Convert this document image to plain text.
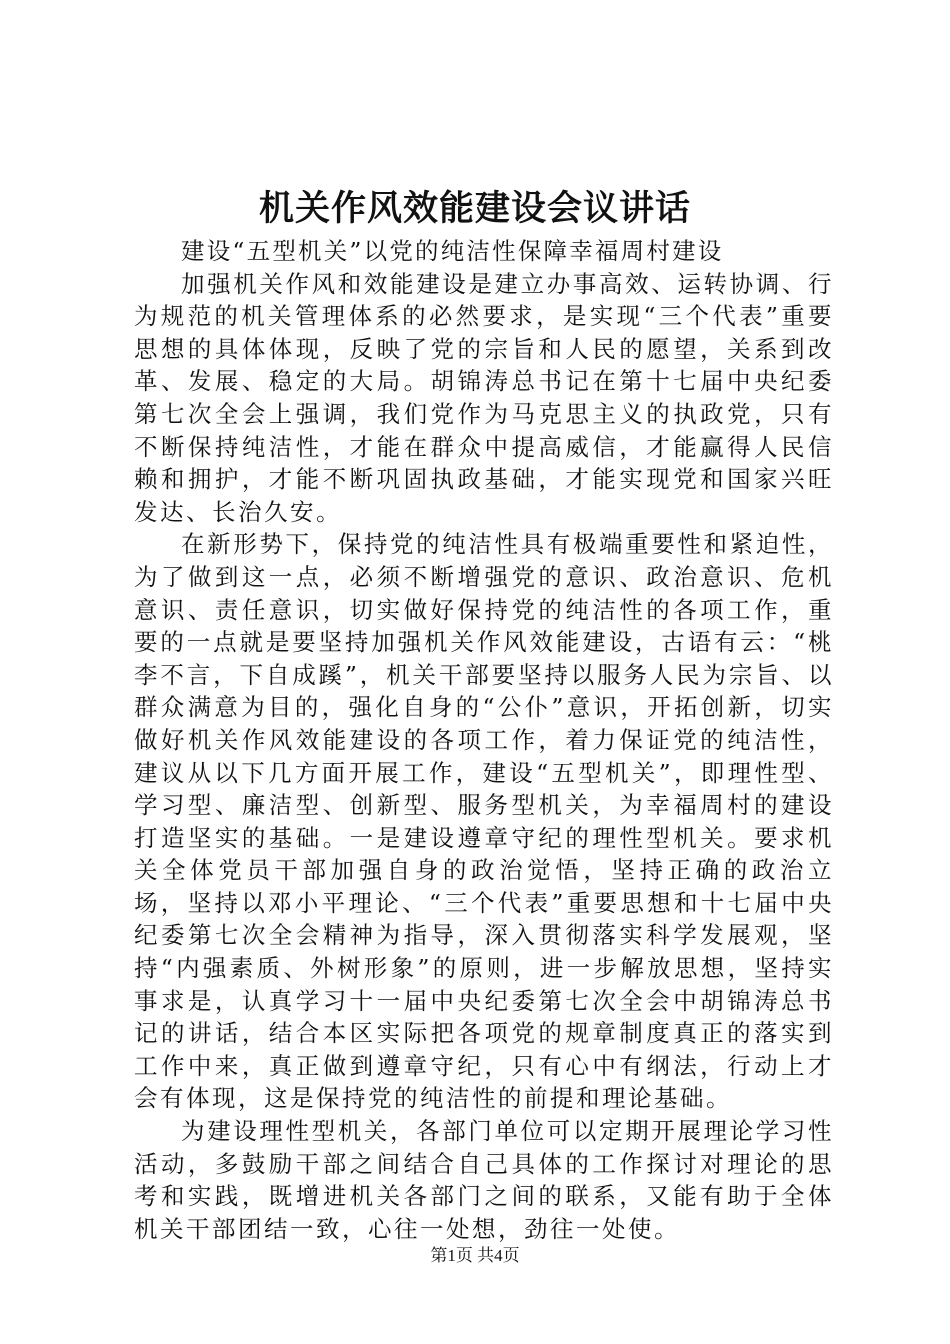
机关作风效能建设会议讲话

建设“五型机关”以党的纯洁性保障幸福周村建设

加强机关作风和效能建设是建立办事高效、运转协调、行为规范的机关管理体系的必然要求，是实现“三个代表”重要思想的具体体现，反映了党的宗旨和人民的愿望，关系到改革、发展、稳定的大局。胡锦涛总书记在第十七届中央纪委第七次全会上强调，我们党作为马克思主义的执政党，只有不断保持纯洁性，才能在群众中提高威信，才能赢得人民信赖和拥护，才能不断巩固执政基础，才能实现党和国家兴旺发达、长治久安。

在新形势下，保持党的纯洁性具有极端重要性和紧迫性，为了做到这一点，必须不断增强党的意识、政治意识、危机意识、责任意识，切实做好保持党的纯洁性的各项工作，重要的一点就是要坚持加强机关作风效能建设，古语有云：“桃李不言，下自成蹊”，机关干部要坚持以服务人民为宗旨、以群众满意为目的，强化自身的“公仆”意识，开拓创新，切实做好机关作风效能建设的各项工作，着力保证党的纯洁性，建议从以下几方面开展工作，建设“五型机关”，即理性型、学习型、廉洁型、创新型、服务型机关，为幸福周村的建设打造坚实的基础。一是建设遵章守纪的理性型机关。要求机关全体党员干部加强自身的政治觉悟，坚持正确的政治立场，坚持以邓小平理论、“三个代表”重要思想和十七届中央纪委第七次全会精神为指导，深入贯彻落实科学发展观，坚持“内强素质、外树形象”的原则，进一步解放思想，坚持实事求是，认真学习十一届中央纪委第七次全会中胡锦涛总书记的讲话，结合本区实际把各项党的规章制度真正的落实到工作中来，真正做到遵章守纪，只有心中有纲法，行动上才会有体现，这是保持党的纯洁性的前提和理论基础。

为建设理性型机关，各部门单位可以定期开展理论学习性活动，多鼓励干部之间结合自己具体的工作探讨对理论的思考和实践，既增进机关各部门之间的联系，又能有助于全体机关干部团结一致，心往一处想，劲往一处使。

第1页 共4页
